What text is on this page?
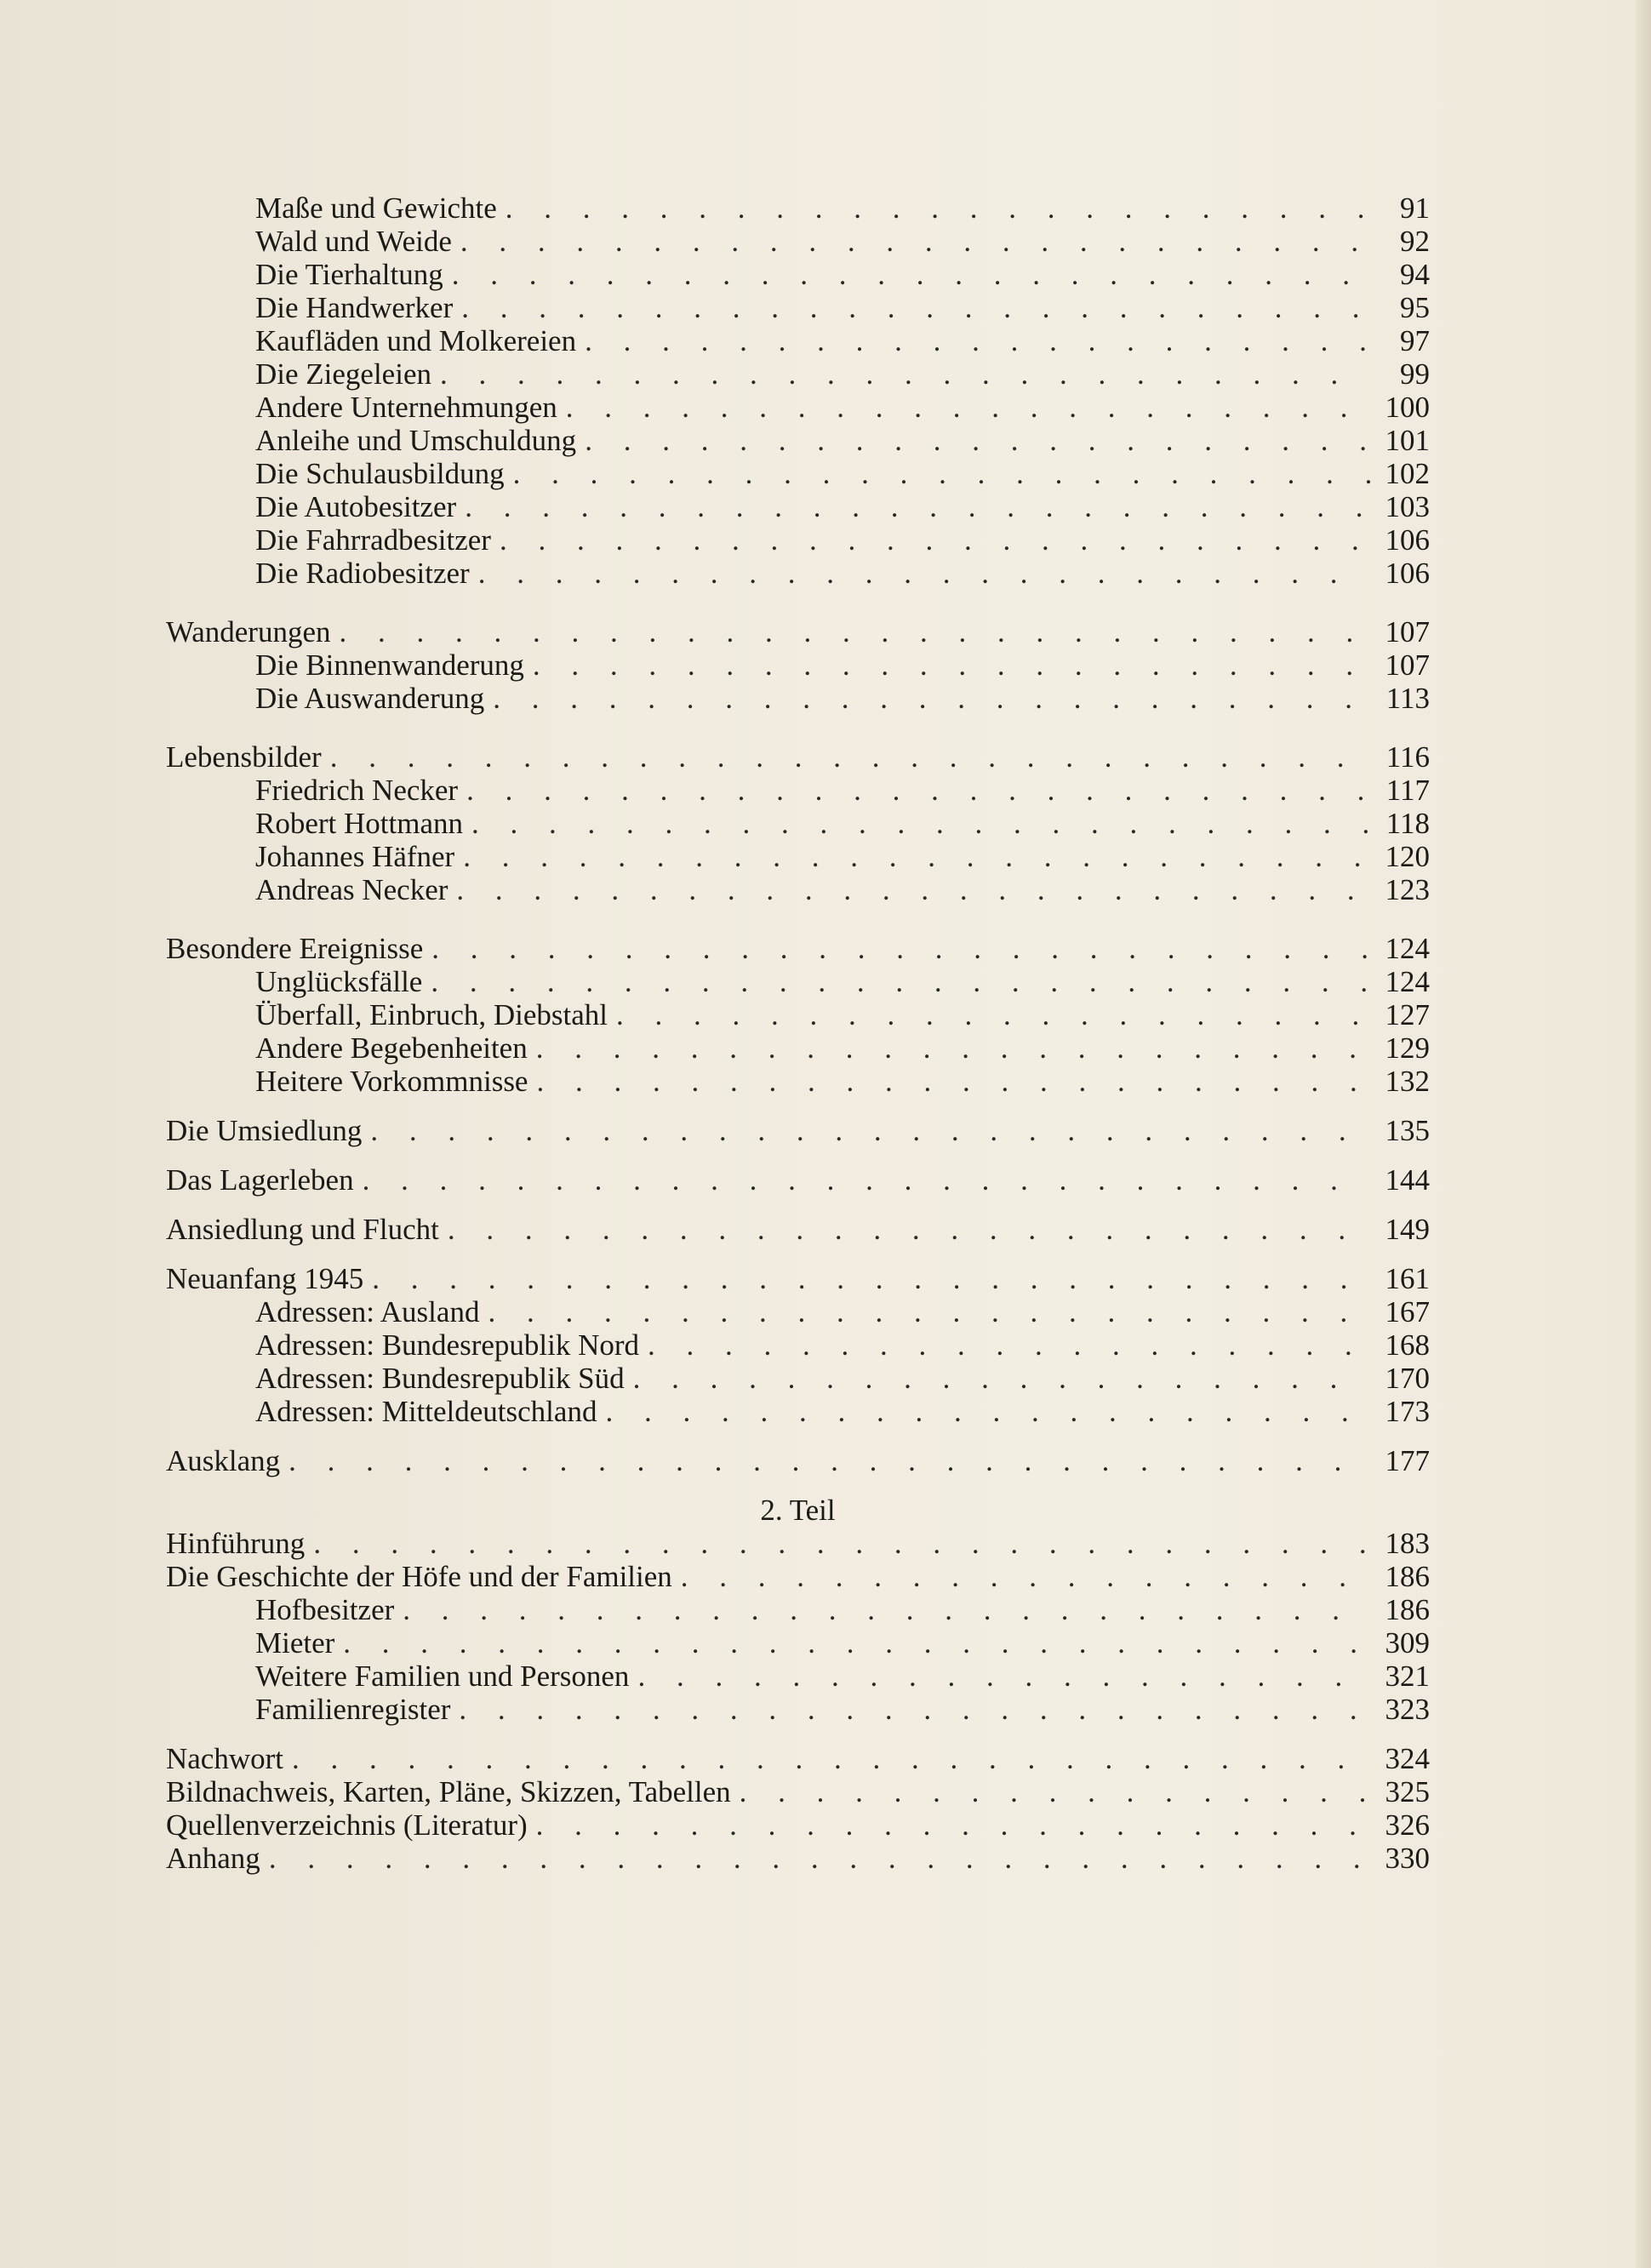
Maße und Gewichte . . .	91
Wald und Weide . . .	92
Die Tierhaltung . . .	94
Die Handwerker . . .	95
Kaufläden und Molkereien . . .	97
Die Ziegeleien . . .	99
Andere Unternehmungen . . .	100
Anleihe und Umschuldung . . .	101
Die Schulausbildung . . .	102
Die Autobesitzer . . .	103
Die Fahrradbesitzer . . .	106
Die Radiobesitzer . . .	106
Wanderungen . . .	107
Die Binnenwanderung . . .	107
Die Auswanderung . . .	113
Lebensbilder . . .	116
Friedrich Necker . . .	117
Robert Hottmann . . .	118
Johannes Häfner . . .	120
Andreas Necker . . .	123
Besondere Ereignisse . . .	124
Unglücksfälle . . .	124
Überfall, Einbruch, Diebstahl . . .	127
Andere Begebenheiten . . .	129
Heitere Vorkommnisse . . .	132
Die Umsiedlung . . .	135
Das Lagerleben . . .	144
Ansiedlung und Flucht . . .	149
Neuanfang 1945 . . .	161
Adressen: Ausland . . .	167
Adressen: Bundesrepublik Nord . . .	168
Adressen: Bundesrepublik Süd . . .	170
Adressen: Mitteldeutschland . . .	173
Ausklang . . .	177
2. Teil
Hinführung . . .	183
Die Geschichte der Höfe und der Familien . . .	186
Hofbesitzer . . .	186
Mieter . . .	309
Weitere Familien und Personen . . .	321
Familienregister . . .	323
Nachwort . . .	324
Bildnachweis, Karten, Pläne, Skizzen, Tabellen . . .	325
Quellenverzeichnis (Literatur) . . .	326
Anhang . . .	330
